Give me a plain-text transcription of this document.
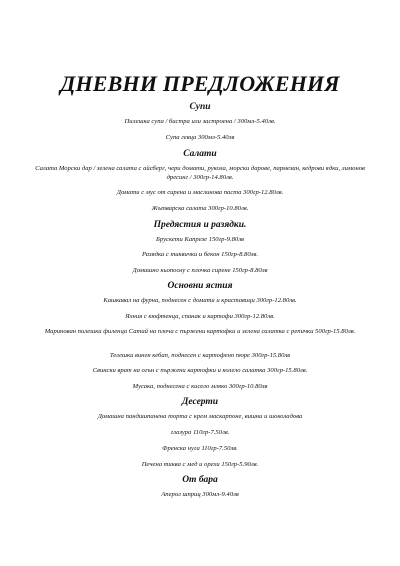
ДНЕВНИ ПРЕДЛОЖЕНИЯ
Супи
Пилешка супа / бистра или застроена / 300мл-5.40лв.
Супа гевца 300мл-5.40лв
Салати
Салата Морски дар / зелена салата с айсберг, чери домати, рукола, морски дарове, пармезан, кедрови ядки, лимонов дресинг / 300гр-14.80лв.
Домати с мус от сирена и маслинова паста 300гр-12.80лв.
Жътварска салата 300гр-10.80лв.
Предястия и разядки.
Брускети Капрезе 150гр-9.80лв
Разядка с тиквички и бекон 150гр-8.80лв.
Домашно кьопоолу с плочка сирене 150гр-8.80лв
Основни ястия
Кашкавал на фурна, поднесен с домати и краставици 300гр-12.80лв.
Яхния с кюфтенца, спанак и картофи 300гр-12.80лв.
Маринован пилешки филенца Сатай на плоча с пържени картофки и зелена салатка с репички 500гр-15.80лв.
Телешки винен кебап, поднесен с картофено пюре 300гр-15.80лв
Свински врат на огън с пържени картофки и колело салатка 300гр-15.80лв.
Мусака, поднесена с кисело мляко 300гр-10.80лв
Десерти
Домашна пандишпанена торта с крем маскарпоне, вишни и шоколадова
глазура 110гр-7.50лв.
Френска нуга 110гр-7.50лв.
Печена тиква с мед и орехи 150гр-5.90лв.
От бара
Аперол шприц 300мл-9.40лв
